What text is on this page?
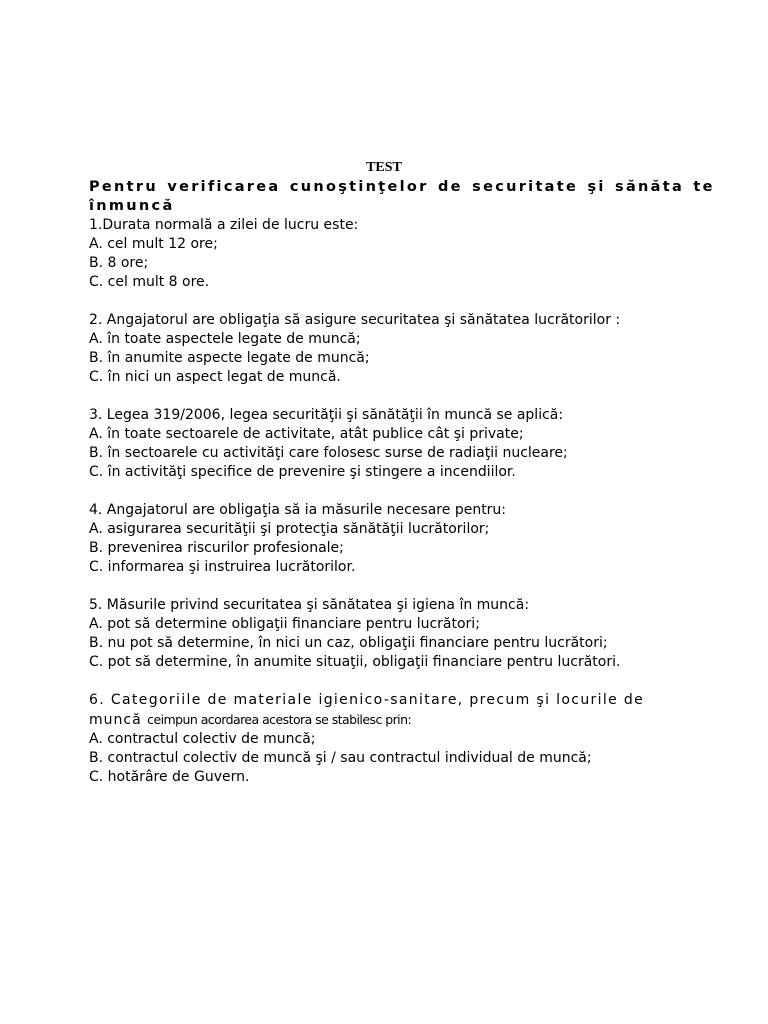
TEST
Pentru verificarea cunoştinţelor de securitate şi sănăta te înmuncă
1.Durata normală a zilei de lucru este:
A. cel mult 12 ore;
B. 8 ore;
C. cel mult 8 ore.
2. Angajatorul are obligaţia să asigure securitatea şi sănătatea lucrătorilor :
A. în toate aspectele legate de muncă;
B. în anumite aspecte legate de muncă;
C. în nici un aspect legat de muncă.
3. Legea 319/2006, legea securităţii şi sănătăţii în muncă se aplică:
A. în toate sectoarele de activitate, atât publice cât şi private;
B. în sectoarele cu activităţi care folosesc surse de radiaţii nucleare;
C. în activităţi specifice de prevenire şi stingere a incendiilor.
4. Angajatorul are obligaţia să ia măsurile necesare pentru:
A. asigurarea securităţii şi protecţia sănătăţii lucrătorilor;
B. prevenirea riscurilor profesionale;
C. informarea şi instruirea lucrătorilor.
5. Măsurile privind securitatea şi sănătatea şi igiena în muncă:
A. pot să determine obligaţii financiare pentru lucrători;
B. nu pot să determine, în nici un caz, obligaţii financiare pentru lucrători;
C. pot să determine, în anumite situaţii, obligaţii financiare pentru lucrători.
6. Categoriile de materiale igienico-sanitare, precum şi locurile de
muncă ceimpun acordarea acestora se stabilesc prin:
A. contractul colectiv de muncă;
B. contractul colectiv de muncă şi / sau contractul individual de muncă;
C. hotărâre de Guvern.
